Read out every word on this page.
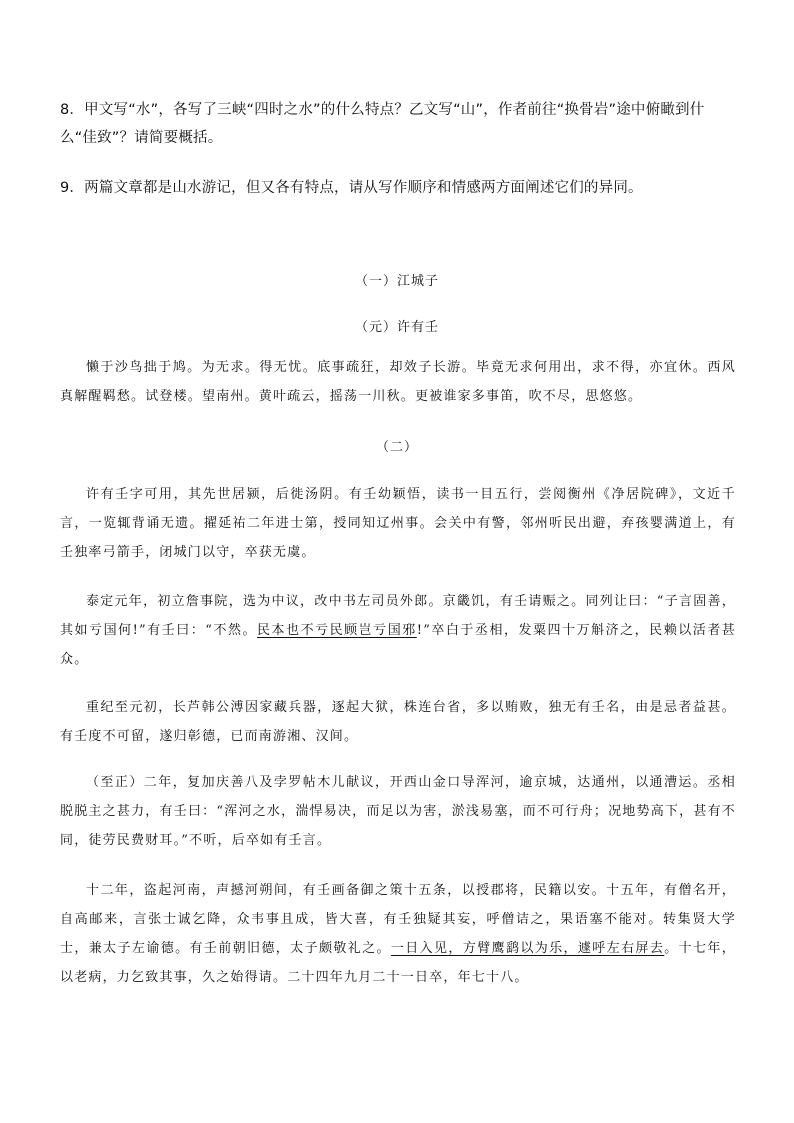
8．甲文写“水”，各写了三峡“四时之水”的什么特点？乙文写“山”，作者前往“换骨岩”途中俯瞰到什么“佳致”？请简要概括。
9．两篇文章都是山水游记，但又各有特点，请从写作顺序和情感两方面阐述它们的异同。
（一）江城子
（元）许有壬
懒于沙鸟拙于鸠。为无求。得无忧。底事疏狂，却效子长游。毕竟无求何用出，求不得，亦宜休。西风真解醒羁愁。试登楼。望南州。黄叶疏云，摇荡一川秋。更被谁家多事笛，吹不尽，思悠悠。
（二）
许有壬字可用，其先世居颍，后徙汤阴。有壬幼颖悟，读书一目五行，尝阅衡州《净居院碑》，文近千言，一览辄背诵无遗。擢延祐二年进士第，授同知辽州事。会关中有警，邻州听民出避，弃孩婴满道上，有壬独率弓箭手，闭城门以守，卒获无虞。
泰定元年，初立詹事院，选为中议，改中书左司员外郎。京畿饥，有壬请赈之。同列让曰：“子言固善，其如亏国何!”有壬曰：“不然。民本也不亏民顾岂亏国邪!”卒白于丞相，发粟四十万斛济之，民赖以活者甚众。
重纪至元初，长芦韩公溥因家藏兵器，逐起大狱，株连台省，多以贿败，独无有壬名，由是忌者益甚。有壬度不可留，遂归彰德，已而南游湘、汉间。
（至正）二年，复加庆善八及孛罗帖木儿献议，开西山金口导浑河，逾京城，达通州，以通漕运。丞相脱脱主之甚力，有壬曰：“浑河之水，湍悍易决，而足以为害，淤浅易塞，而不可行舟；况地势高下，甚有不同，徒劳民费财耳。”不听，后卒如有壬言。
十二年，盗起河南，声撼河朔间，有壬画备御之策十五条，以授郡将，民籍以安。十五年，有僧名开，自高邮来，言张士诚乞降，众韦事且成，皆大喜，有壬独疑其妄，呼僧诘之，果语塞不能对。转集贤大学士，兼太子左谕德。有壬前朝旧德，太子颇敬礼之。一日入见，方臂鹰鹞以为乐，遽呼左右屏去。十七年，以老病，力乞致其事，久之始得请。二十四年九月二十一日卒，年七十八。
